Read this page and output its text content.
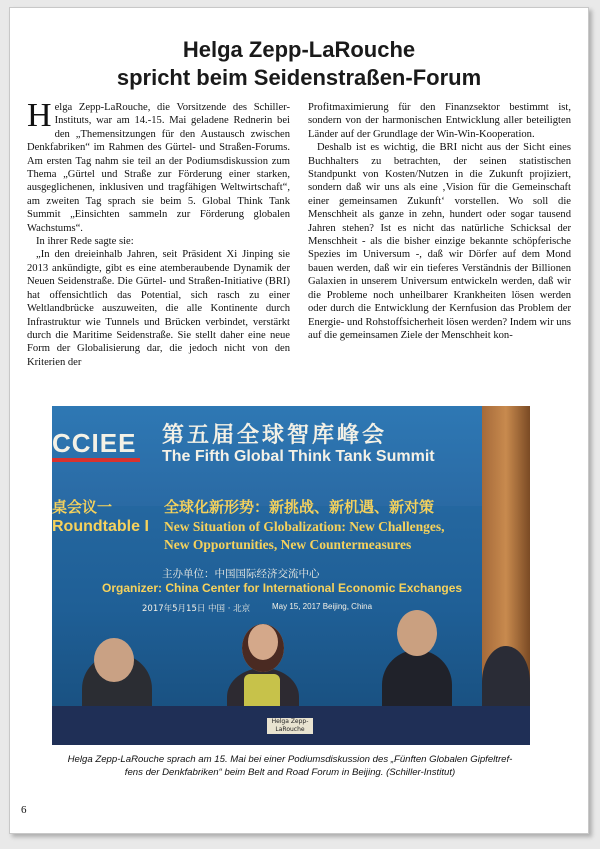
Helga Zepp-LaRouche
spricht beim Seidenstraßen-Forum

Helga Zepp-LaRouche, die Vorsitzende des Schiller-Instituts, war am 14.-15. Mai geladene Rednerin bei den „Themensitzungen für den Austausch zwischen Denkfabriken“ im Rahmen des Gürtel- und Straßen-Forums. Am ersten Tag nahm sie teil an der Podiumsdiskussion zum Thema „Gürtel und Straße zur Förderung einer starken, ausgeglichenen, inklusiven und tragfähigen Weltwirtschaft“, am zweiten Tag sprach sie beim 5. Global Think Tank Summit „Einsichten sammeln zur Förderung globalen Wachstums“.

In ihrer Rede sagte sie:

„In den dreieinhalb Jahren, seit Präsident Xi Jinping sie 2013 ankündigte, gibt es eine atemberaubende Dynamik der Neuen Seidenstraße. Die Gürtel- und Straßen-Initiative (BRI) hat offensichtlich das Potential, sich rasch zu einer Weltlandbrücke auszuweiten, die alle Kontinente durch Infrastruktur wie Tunnels und Brücken verbindet, verstärkt durch die Maritime Seidenstraße. Sie stellt daher eine neue Form der Globalisierung dar, die jedoch nicht von den Kriterien der

Profitmaximierung für den Finanzsektor bestimmt ist, sondern von der harmonischen Entwicklung aller beteiligten Länder auf der Grundlage der Win-Win-Kooperation.

Deshalb ist es wichtig, die BRI nicht aus der Sicht eines Buchhalters zu betrachten, der seinen statistischen Standpunkt von Kosten/Nutzen in die Zukunft projiziert, sondern daß wir uns als eine ‚Vision für die Gemeinschaft einer gemeinsamen Zukunft‘ vorstellen. Wo soll die Menschheit als ganze in zehn, hundert oder sogar tausend Jahren stehen? Ist es nicht das natürliche Schicksal der Menschheit - als die bisher einzige bekannte schöpferische Spezies im Universum -, daß wir Dörfer auf dem Mond bauen werden, daß wir ein tieferes Verständnis der Billionen Galaxien in unserem Universum entwickeln werden, daß wir die Probleme noch unheilbarer Krankheiten lösen werden oder durch die Entwicklung der Kernfusion das Problem der Energie- und Rohstoffsicherheit lösen werden? Indem wir uns auf die gemeinsamen Ziele der Menschheit kon-

CCIEE 第五届全球智库峰会
The Fifth Global Think Tank Summit
桌会议一
Roundtable I
全球化新形势：新挑战、新机遇、新对策
New Situation of Globalization: New Challenges,
New Opportunities, New Countermeasures
主办单位：中国国际经济交流中心
Organizer: China Center for International Economic Exchanges
2017年5月15日 中国 · 北京	May 15, 2017 Beijing, China
Helga Zepp-LaRouche
Helga Zepp-LaRouche sprach am 15. Mai bei einer Podiumsdiskussion des „Fünften Globalen Gipfeltref-
fens der Denkfabriken“ beim Belt and Road Forum in Beijing. (Schiller-Institut)
6
